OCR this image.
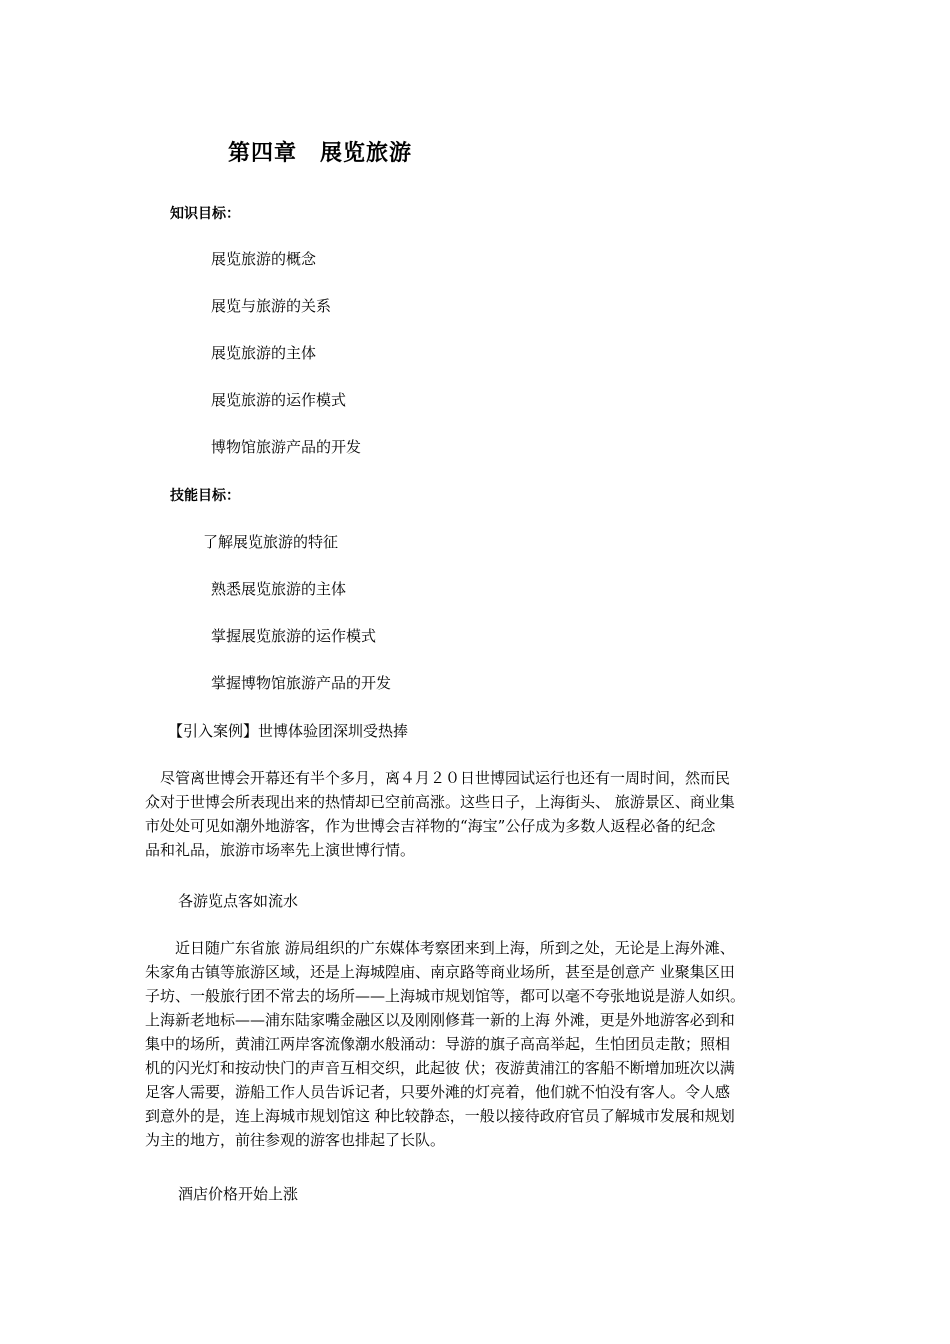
第四章　展览旅游
知识目标：
展览旅游的概念
展览与旅游的关系
展览旅游的主体
展览旅游的运作模式
博物馆旅游产品的开发
技能目标：
了解展览旅游的特征
熟悉展览旅游的主体
掌握展览旅游的运作模式
掌握博物馆旅游产品的开发
【引入案例】世博体验团深圳受热捧
　尽管离世博会开幕还有半个多月，离４月２０日世博园试运行也还有一周时间，然而民
众对于世博会所表现出来的热情却已空前高涨。这些日子，上海街头、 旅游景区、商业集
市处处可见如潮外地游客，作为世博会吉祥物的“海宝”公仔成为多数人返程必备的纪念
品和礼品，旅游市场率先上演世博行情。
各游览点客如流水
　　近日随广东省旅 游局组织的广东媒体考察团来到上海，所到之处，无论是上海外滩、
朱家角古镇等旅游区域，还是上海城隍庙、南京路等商业场所，甚至是创意产 业聚集区田
子坊、一般旅行团不常去的场所——上海城市规划馆等，都可以毫不夸张地说是游人如织。
上海新老地标——浦东陆家嘴金融区以及刚刚修葺一新的上海 外滩，更是外地游客必到和
集中的场所，黄浦江两岸客流像潮水般涌动：导游的旗子高高举起，生怕团员走散；照相
机的闪光灯和按动快门的声音互相交织，此起彼 伏；夜游黄浦江的客船不断增加班次以满
足客人需要，游船工作人员告诉记者，只要外滩的灯亮着，他们就不怕没有客人。令人感
到意外的是，连上海城市规划馆这 种比较静态，一般以接待政府官员了解城市发展和规划
为主的地方，前往参观的游客也排起了长队。
酒店价格开始上涨
